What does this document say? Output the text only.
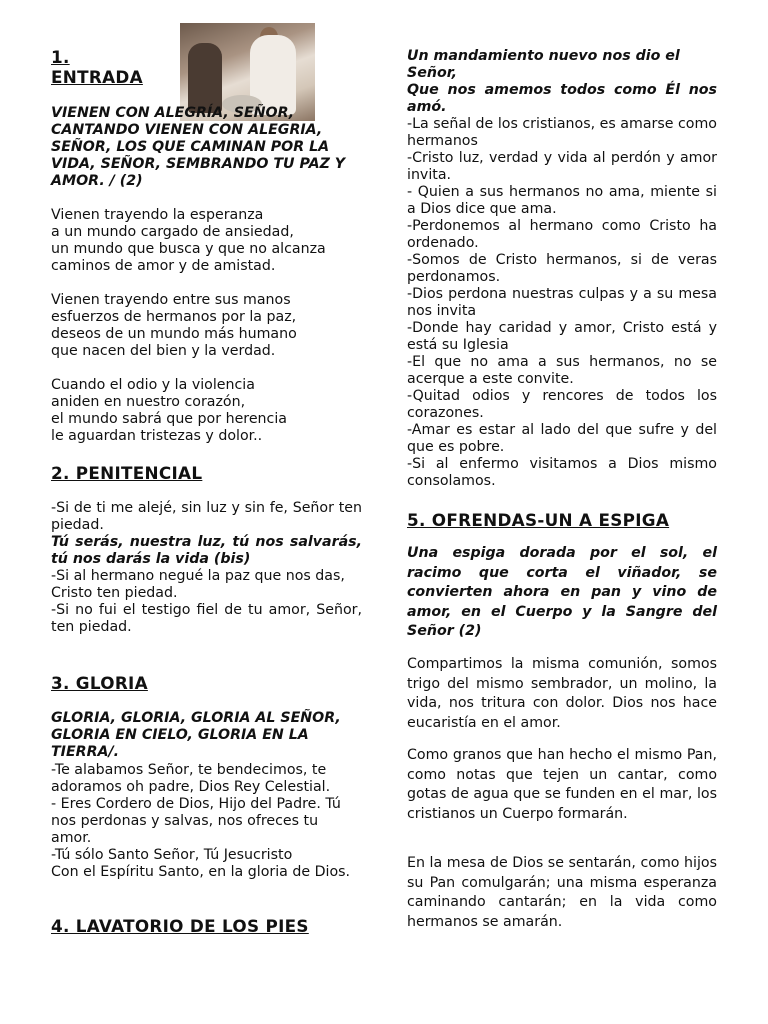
1.
ENTRADA

VIENEN CON ALEGRÍA, SEÑOR, CANTANDO VIENEN CON ALEGRIA, SEÑOR, LOS QUE CAMINAN POR LA VIDA, SEÑOR, SEMBRANDO TU PAZ Y AMOR. / (2)

Vienen trayendo la esperanza

a un mundo cargado de ansiedad,

un mundo que busca y que no alcanza

caminos de amor y de amistad.

Vienen trayendo entre sus manos

esfuerzos de hermanos por la paz,

deseos de un mundo más humano

que nacen del bien y la verdad.

Cuando el odio y la violencia

aniden en nuestro corazón,

el mundo sabrá que por herencia

le aguardan tristezas y dolor..

2. PENITENCIAL

-Si de ti me alejé, sin luz y sin fe, Señor ten piedad.

Tú serás, nuestra luz, tú nos salvarás, tú nos darás la vida (bis)

-Si al hermano negué la paz que nos das,

Cristo ten piedad.

-Si no fui el testigo fiel de tu amor, Señor, ten piedad.

3. GLORIA

GLORIA, GLORIA, GLORIA AL SEÑOR, GLORIA EN CIELO, GLORIA EN LA TIERRA/.

-Te alabamos Señor, te bendecimos, te adoramos oh padre, Dios Rey Celestial.

- Eres Cordero de Dios, Hijo del Padre. Tú nos perdonas y salvas, nos ofreces tu amor.

-Tú sólo Santo Señor, Tú Jesucristo

Con el Espíritu Santo, en la gloria de Dios.

4. LAVATORIO DE LOS PIES

Un mandamiento nuevo nos dio el Señor,

Que nos amemos todos como Él nos amó.

-La señal de los cristianos, es amarse como hermanos

-Cristo luz, verdad y vida al perdón y amor invita.

- Quien a sus hermanos no ama, miente si a Dios dice que ama.

-Perdonemos al hermano como Cristo ha ordenado.

-Somos de Cristo hermanos, si de veras perdonamos.

-Dios perdona nuestras culpas y a su mesa nos invita

-Donde hay caridad y amor, Cristo está y está su Iglesia

-El que no ama a sus hermanos, no se acerque a este convite.

-Quitad odios y rencores de todos los corazones.

-Amar es estar al lado del que sufre y del que es pobre.

-Si al enfermo visitamos a Dios mismo consolamos.

5. OFRENDAS-UN A ESPIGA

Una espiga dorada por el sol, el racimo que corta el viñador, se convierten ahora en pan y vino de amor, en el Cuerpo y la Sangre del Señor (2)

Compartimos la misma comunión, somos trigo del mismo sembrador, un molino, la vida, nos tritura con dolor. Dios nos hace eucaristía en el amor.

Como granos que han hecho el mismo Pan, como notas que tejen un cantar, como gotas de agua que se funden en el mar, los cristianos un Cuerpo formarán.

En la mesa de Dios se sentarán, como hijos su Pan comulgarán; una misma esperanza caminando cantarán; en la vida como hermanos se amarán.
